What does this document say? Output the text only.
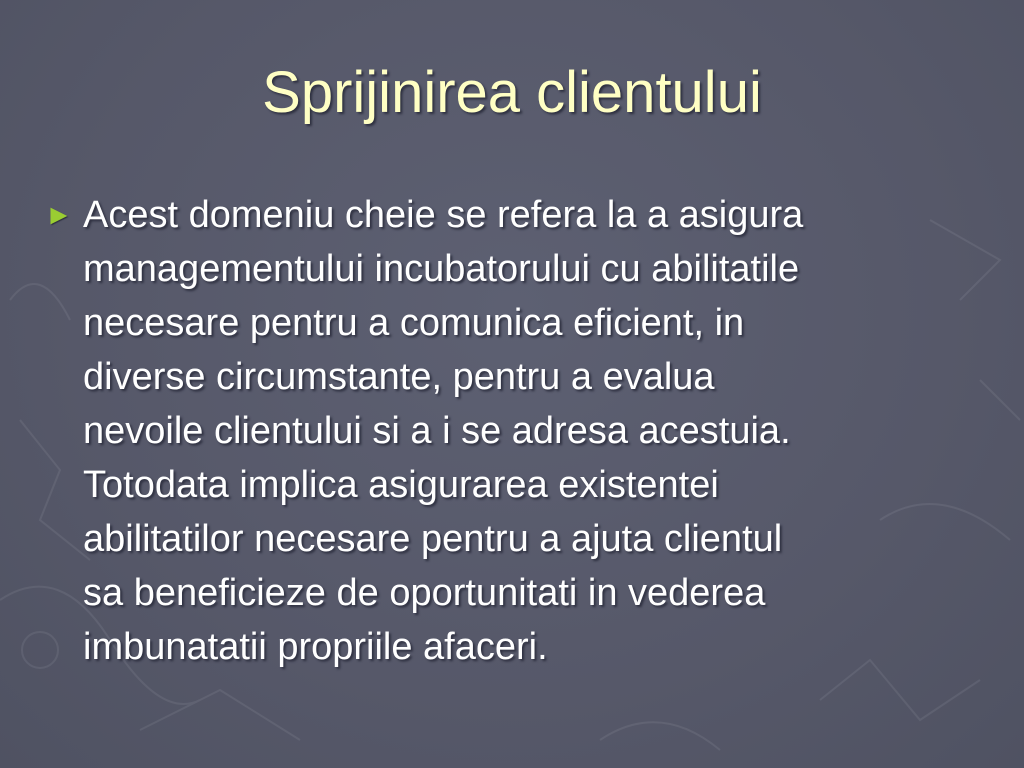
Sprijinirea clientului
► Acest domeniu cheie se refera la a asigura
managementului incubatorului cu abilitatile
necesare pentru a comunica eficient, in
diverse circumstante, pentru a evalua
nevoile clientului si a i se adresa acestuia.
Totodata implica asigurarea existentei
abilitatilor necesare pentru a ajuta clientul
sa beneficieze de oportunitati in vederea
imbunatatii propriile afaceri.
